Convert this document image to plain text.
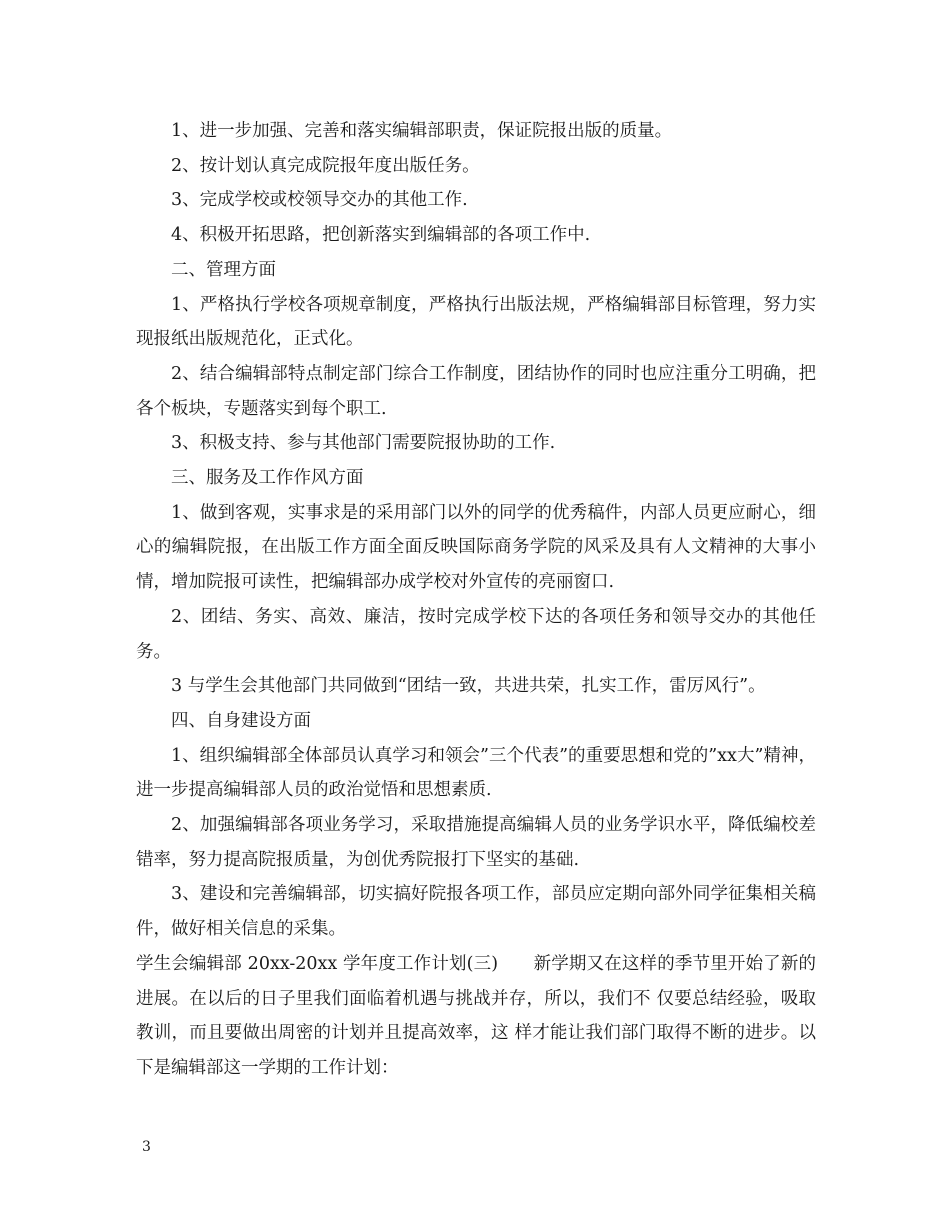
1、进一步加强、完善和落实编辑部职责，保证院报出版的质量。

2、按计划认真完成院报年度出版任务。

3、完成学校或校领导交办的其他工作.

4、积极开拓思路，把创新落实到编辑部的各项工作中.

二、管理方面

1、严格执行学校各项规章制度，严格执行出版法规，严格编辑部目标管理，努力实现报纸出版规范化，正式化。

2、结合编辑部特点制定部门综合工作制度，团结协作的同时也应注重分工明确，把各个板块，专题落实到每个职工.

3、积极支持、参与其他部门需要院报协助的工作.

三、服务及工作作风方面

1、做到客观，实事求是的采用部门以外的同学的优秀稿件，内部人员更应耐心，细心的编辑院报，在出版工作方面全面反映国际商务学院的风采及具有人文精神的大事小情，增加院报可读性，把编辑部办成学校对外宣传的亮丽窗口.

2、团结、务实、高效、廉洁，按时完成学校下达的各项任务和领导交办的其他任务。

3 与学生会其他部门共同做到“团结一致，共进共荣，扎实工作，雷厉风行”。

四、自身建设方面

1、组织编辑部全体部员认真学习和领会”三个代表”的重要思想和党的”xx大”精神，进一步提高编辑部人员的政治觉悟和思想素质.

2、加强编辑部各项业务学习，采取措施提高编辑人员的业务学识水平，降低编校差错率，努力提高院报质量，为创优秀院报打下坚实的基础.

3、建设和完善编辑部，切实搞好院报各项工作，部员应定期向部外同学征集相关稿件，做好相关信息的采集。

学生会编辑部 20xx-20xx 学年度工作计划(三)　　新学期又在这样的季节里开始了新的进展。在以后的日子里我们面临着机遇与挑战并存，所以，我们不 仅要总结经验，吸取教训，而且要做出周密的计划并且提高效率，这 样才能让我们部门取得不断的进步。以下是编辑部这一学期的工作计划：

3
